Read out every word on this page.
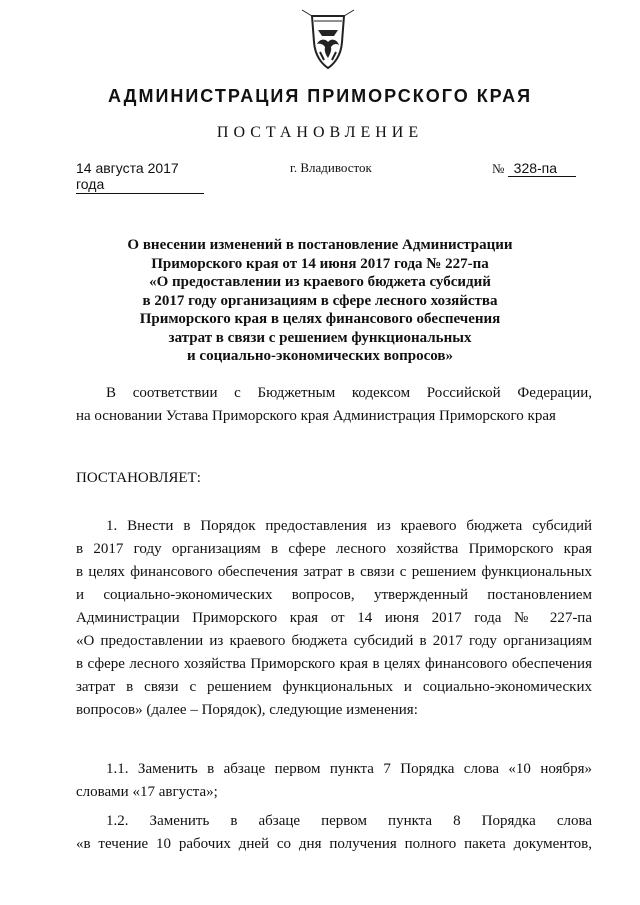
АДМИНИСТРАЦИЯ ПРИМОРСКОГО КРАЯ
ПОСТАНОВЛЕНИЕ
14 августа 2017 года
г. Владивосток	№ 328-па
О внесении изменений в постановление Администрации
Приморского края от 14 июня 2017 года № 227-па
«О предоставлении из краевого бюджета субсидий
в 2017 году организациям в сфере лесного хозяйства
Приморского края в целях финансового обеспечения
затрат в связи с решением функциональных
и социально-экономических вопросов»
В соответствии с Бюджетным кодексом Российской Федерации,
на основании Устава Приморского края Администрация Приморского края
ПОСТАНОВЛЯЕТ:
1. Внести в Порядок предоставления из краевого бюджета субсидий
в 2017 году организациям в сфере лесного хозяйства Приморского края
в целях финансового обеспечения затрат в связи с решением функциональных
и социально-экономических вопросов, утвержденный постановлением
Администрации Приморского края от 14 июня 2017 года № 227-па
«О предоставлении из краевого бюджета субсидий в 2017 году организациям
в сфере лесного хозяйства Приморского края в целях финансового обеспечения
затрат в связи с решением функциональных и социально-экономических
вопросов» (далее – Порядок), следующие изменения:
1.1. Заменить в абзаце первом пункта 7 Порядка слова «10 ноября»
словами «17 августа»;
1.2. Заменить в абзаце первом пункта 8 Порядка слова
«в течение 10 рабочих дней со дня получения полного пакета документов,
